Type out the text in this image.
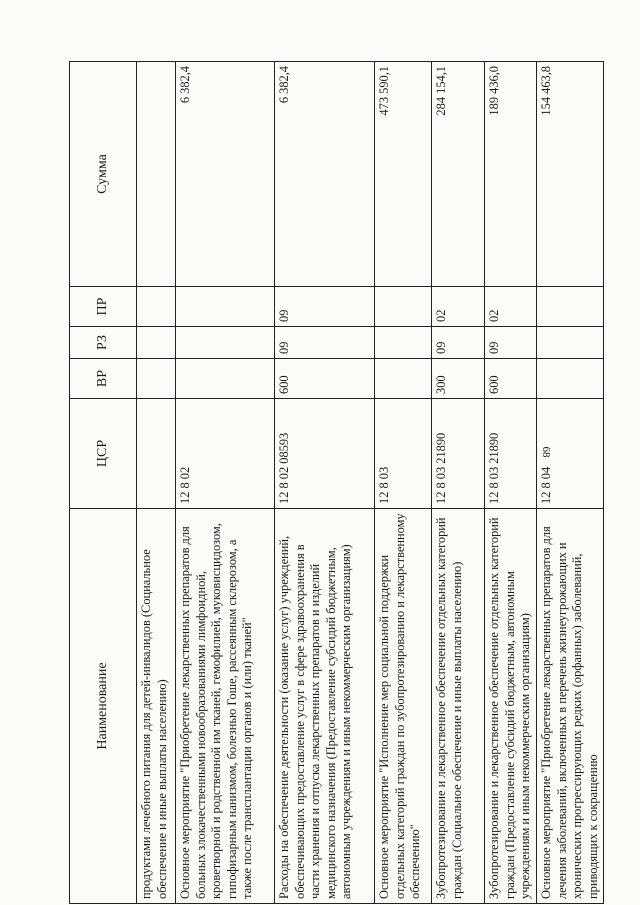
68
Наименование	ЦСР	ВР	РЗ	ПР	Сумма
продуктами лечебного питания для детей-инвалидов (Социальное обеспечение и иные выплаты населению)					
Основное мероприятие "Приобретение лекарственных препаратов для больных злокачественными новообразованиями лимфоидной, кроветворной и родственной им тканей, гемофилией, муковисцидозом, гипофизарным нанизмом, болезнью Гоше, рассеянным склерозом, а также после трансплантации органов и (или) тканей"	12 8 02				6 382,4
Расходы на обеспечение деятельности (оказание услуг) учреждений, обеспечивающих предоставление услуг в сфере здравоохранения в части хранения и отпуска лекарственных препаратов и изделий медицинского назначения (Предоставление субсидий бюджетным, автономным учреждениям и иным некоммерческим организациям)	12 8 02 08593	600	09	09	6 382,4
Основное мероприятие "Исполнение мер социальной поддержки отдельных категорий граждан по зубопротезированию и лекарственному обеспечению"	12 8 03				473 590,1
Зубопротезирование и лекарственное обеспечение отдельных категорий граждан (Социальное обеспечение и иные выплаты населению)	12 8 03 21890	300	09	02	284 154,1
Зубопротезирование и лекарственное обеспечение отдельных категорий граждан (Предоставление субсидий бюджетным, автономным учреждениям и иным некоммерческим организациям)	12 8 03 21890	600	09	02	189 436,0
Основное мероприятие "Приобретение лекарственных препаратов для лечения заболеваний, включенных в перечень жизнеугрожающих и хронических прогрессирующих редких (орфанных) заболеваний, приводящих к сокращению	12 8 04				154 463,8
